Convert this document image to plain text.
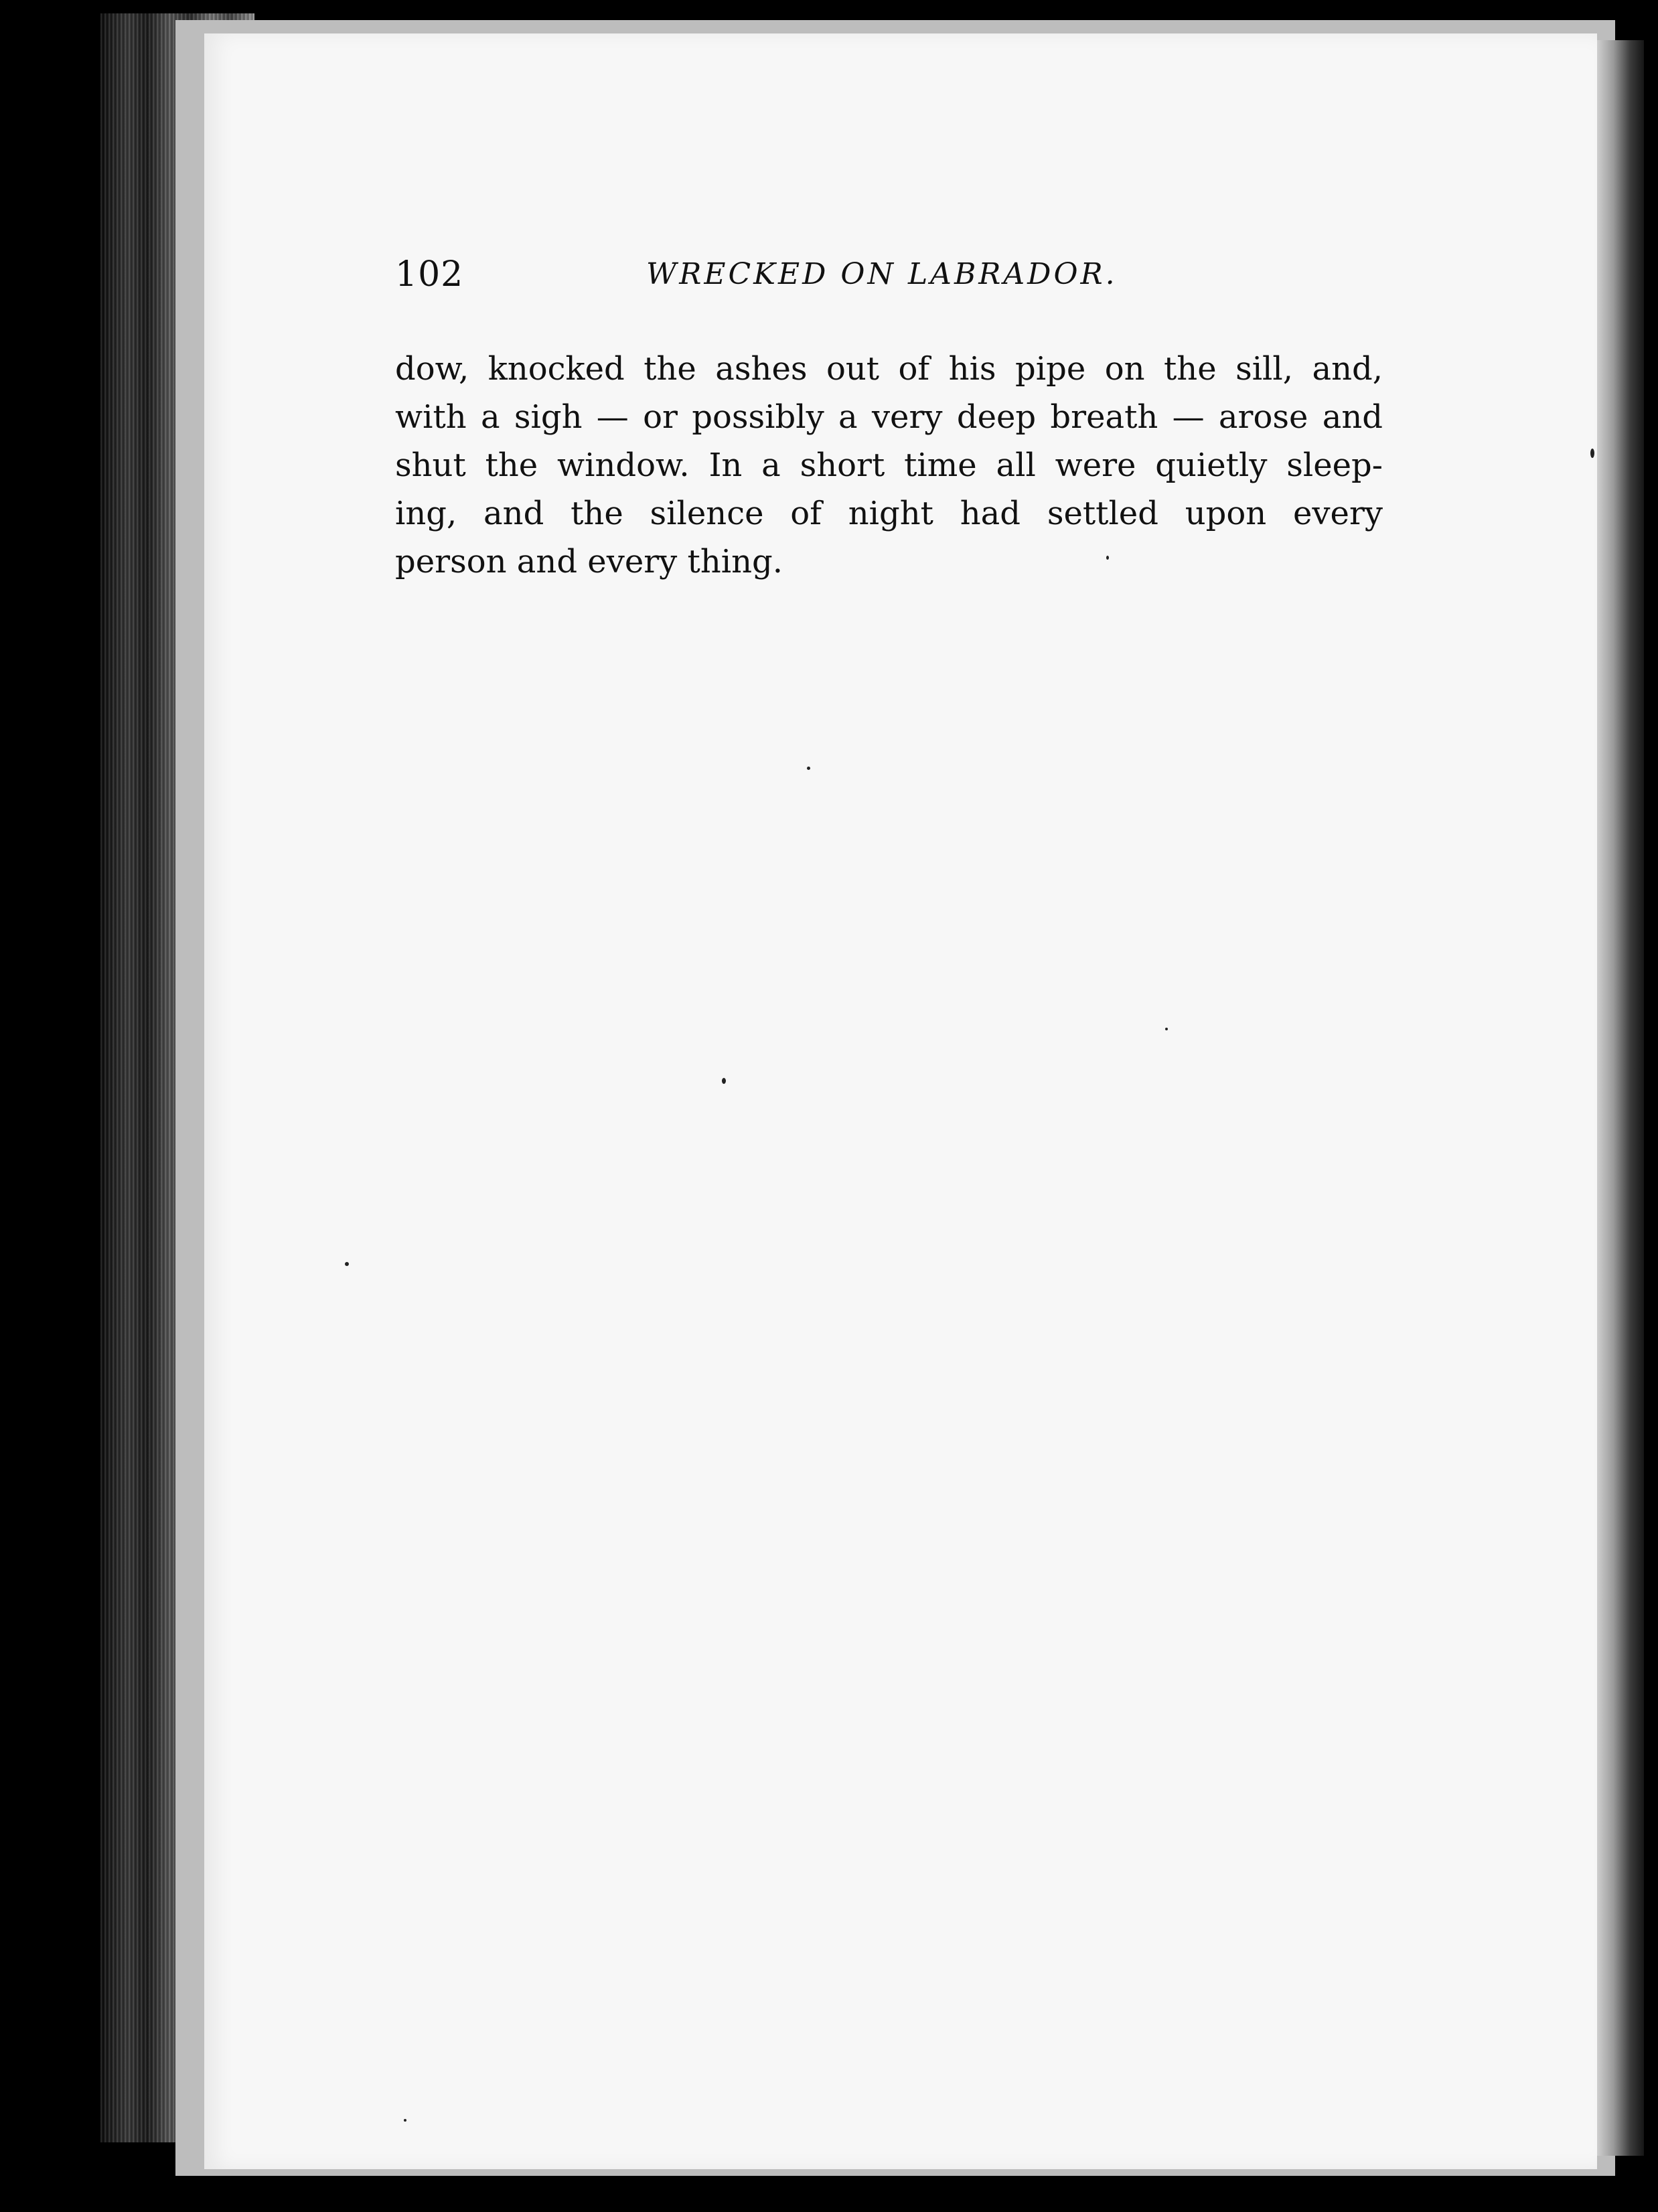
102	WRECKED ON LABRADOR.
dow, knocked the ashes out of his pipe on the sill, and,
with a sigh — or possibly a very deep breath — arose and
shut the window. In a short time all were quietly sleep-
ing, and the silence of night had settled upon every
person and every thing.
